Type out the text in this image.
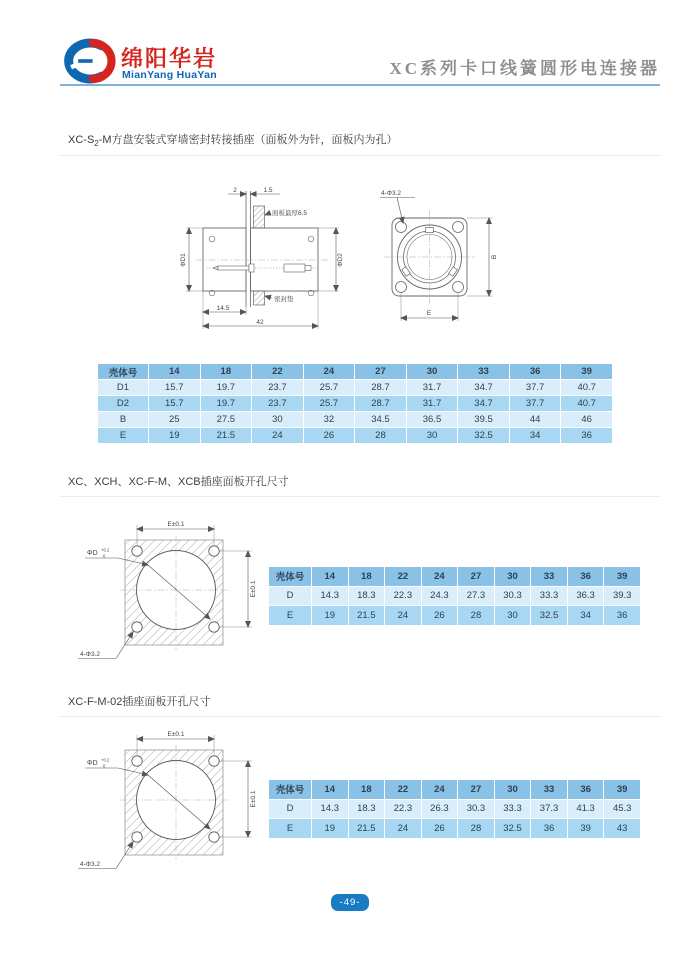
绵阳华岩
MianYang HuaYan	XC系列卡口线簧圆形电连接器
$XC-S_2-M$方盘安装式穿墙密封转接插座（面板外为针，面板内为孔）
2	1.5
面板最厚6.5
密封垫
ΦD1	ΦD2
14.5
42
4-Φ3.2
B
E
壳体号	14	18	22	24	27	30	33	36	39
D1	15.7	19.7	23.7	25.7	28.7	31.7	34.7	37.7	40.7
D2	15.7	19.7	23.7	25.7	28.7	31.7	34.7	37.7	40.7
B	25	27.5	30	32	34.5	36.5	39.5	44	46
E	19	21.5	24	26	28	30	32.5	34	36
XC、XCH、XC-F-M、XCB插座面板开孔尺寸
E±0.1
E±0.1
ΦD +0.2
0
4-Φ3.2
壳体号	14	18	22	24	27	30	33	36	39
D	14.3	18.3	22.3	24.3	27.3	30.3	33.3	36.3	39.3
E	19	21.5	24	26	28	30	32.5	34	36
XC-F-M-02插座面板开孔尺寸
E±0.1
E±0.1
ΦD +0.2
0
4-Φ3.2
壳体号	14	18	22	24	27	30	33	36	39
D	14.3	18.3	22.3	26.3	30.3	33.3	37.3	41.3	45.3
E	19	21.5	24	26	28	32.5	36	39	43
-49-
